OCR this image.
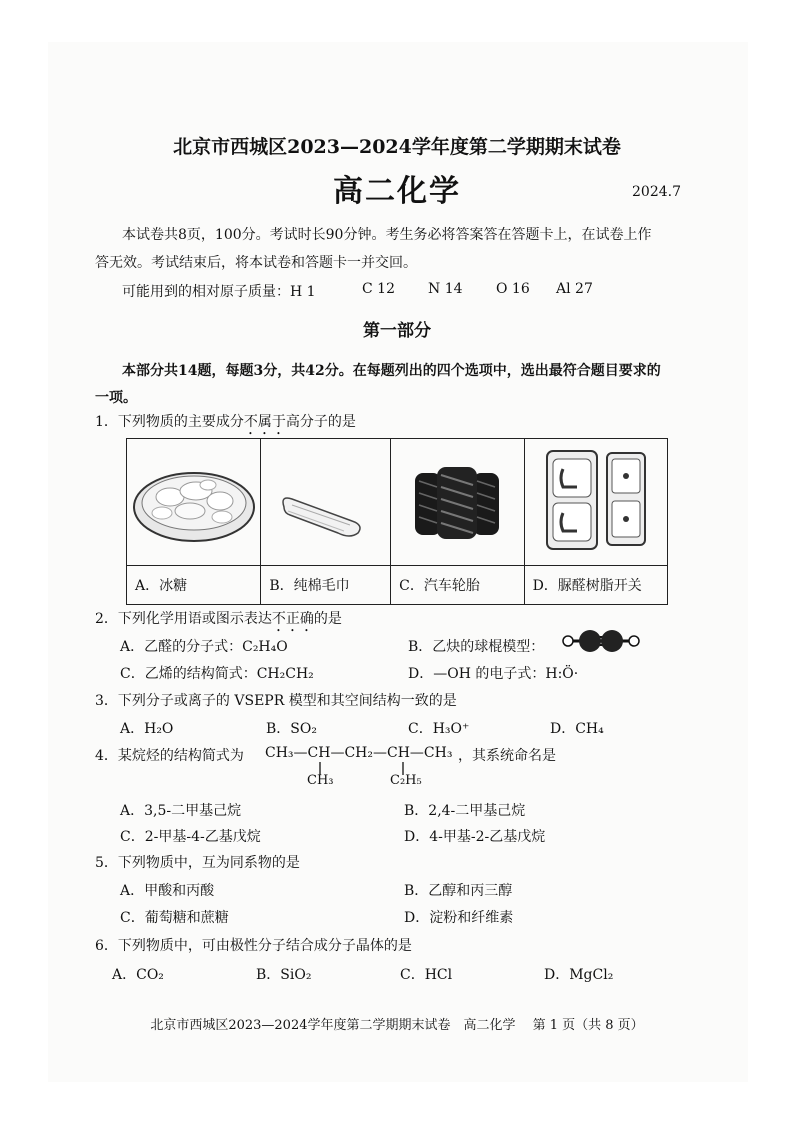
北京市西城区2023—2024学年度第二学期期末试卷
高二化学	2024.7
本试卷共8页，100分。考试时长90分钟。考生务必将答案答在答题卡上，在试卷上作
答无效。考试结束后，将本试卷和答题卡一并交回。
可能用到的相对原子质量：H 1	C 12 N 14 O 16 Al 27
第一部分
本部分共14题，每题3分，共42分。在每题列出的四个选项中，选出最符合题目要求的
一项。
1．下列物质的主要成分不属于高分子的是

A．冰糖	B．纯棉毛巾	C．汽车轮胎	D．脲醛树脂开关
2．下列化学用语或图示表达不正确的是
A．乙醛的分子式：C₂H₄O	B．乙炔的球棍模型：
C．乙烯的结构简式：CH₂CH₂	D．—OH 的电子式：H:Ö·
3．下列分子或离子的 VSEPR 模型和其空间结构一致的是
A．H₂O	B．SO₂	C．H₃O⁺	D．CH₄
4．某烷烃的结构简式为 CH₃—CH—CH₂—CH—CH₃ ，其系统命名是
CH₃	C₂H₅
A．3,5-二甲基己烷	B．2,4-二甲基己烷
C．2-甲基-4-乙基戊烷	D．4-甲基-2-乙基戊烷
5．下列物质中，互为同系物的是
A．甲酸和丙酸	B．乙醇和丙三醇
C．葡萄糖和蔗糖	D．淀粉和纤维素
6．下列物质中，可由极性分子结合成分子晶体的是
A．CO₂	B．SiO₂	C．HCl	D．MgCl₂
北京市西城区2023—2024学年度第二学期期末试卷　高二化学　 第 1 页（共 8 页）
